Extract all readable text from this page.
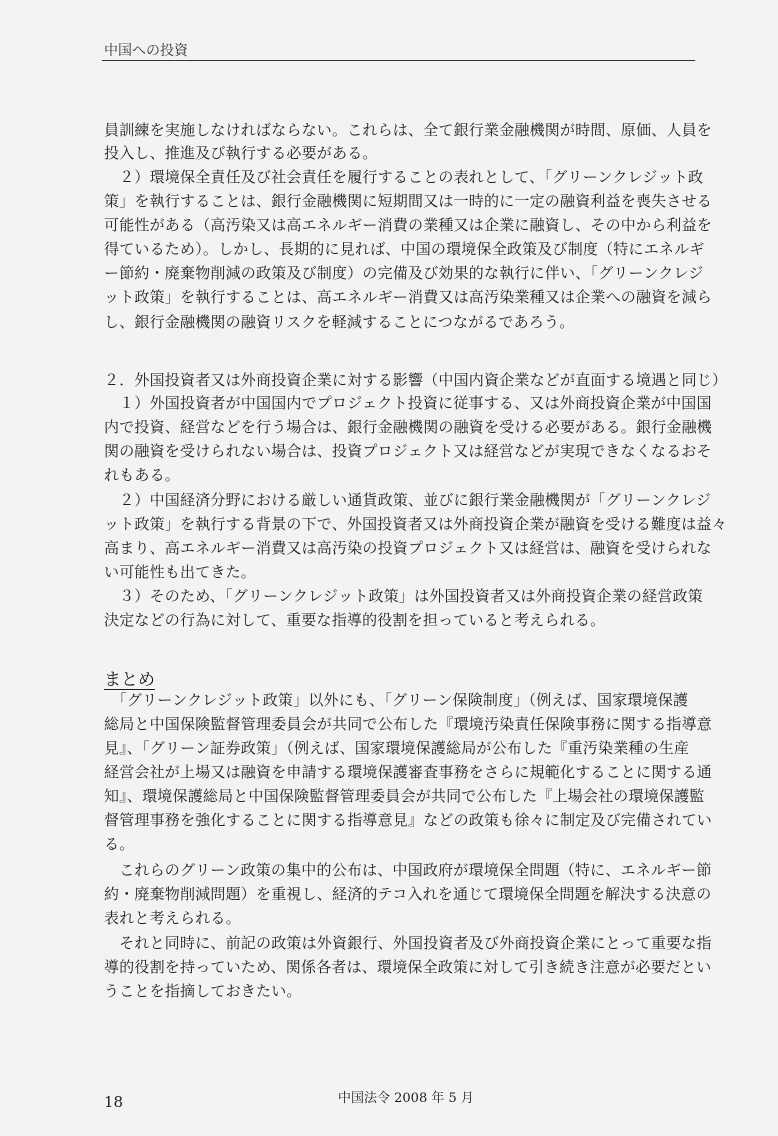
中国への投資
員訓練を実施しなければならない。これらは、全て銀行業金融機関が時間、原価、人員を
投入し、推進及び執行する必要がある。
　２）環境保全責任及び社会責任を履行することの表れとして、「グリーンクレジット政
策」を執行することは、銀行金融機関に短期間又は一時的に一定の融資利益を喪失させる
可能性がある（高汚染又は高エネルギー消費の業種又は企業に融資し、その中から利益を
得ているため）。しかし、長期的に見れば、中国の環境保全政策及び制度（特にエネルギ
ー節約・廃棄物削減の政策及び制度）の完備及び効果的な執行に伴い、「グリーンクレジ
ット政策」を執行することは、高エネルギー消費又は高汚染業種又は企業への融資を減ら
し、銀行金融機関の融資リスクを軽減することにつながるであろう。
２．外国投資者又は外商投資企業に対する影響（中国内資企業などが直面する境遇と同じ）
　１）外国投資者が中国国内でプロジェクト投資に従事する、又は外商投資企業が中国国
内で投資、経営などを行う場合は、銀行金融機関の融資を受ける必要がある。銀行金融機
関の融資を受けられない場合は、投資プロジェクト又は経営などが実現できなくなるおそ
れもある。
　２）中国経済分野における厳しい通貨政策、並びに銀行業金融機関が「グリーンクレジ
ット政策」を執行する背景の下で、外国投資者又は外商投資企業が融資を受ける難度は益々
高まり、高エネルギー消費又は高汚染の投資プロジェクト又は経営は、融資を受けられな
い可能性も出てきた。
　３）そのため、「グリーンクレジット政策」は外国投資者又は外商投資企業の経営政策
決定などの行為に対して、重要な指導的役割を担っていると考えられる。
まとめ
　「グリーンクレジット政策」以外にも、「グリーン保険制度」（例えば、国家環境保護
総局と中国保険監督管理委員会が共同で公布した『環境汚染責任保険事務に関する指導意
見』、「グリーン証券政策」（例えば、国家環境保護総局が公布した『重汚染業種の生産
経営会社が上場又は融資を申請する環境保護審査事務をさらに規範化することに関する通
知』、環境保護総局と中国保険監督管理委員会が共同で公布した『上場会社の環境保護監
督管理事務を強化することに関する指導意見』などの政策も徐々に制定及び完備されてい
る。
　これらのグリーン政策の集中的公布は、中国政府が環境保全問題（特に、エネルギー節
約・廃棄物削減問題）を重視し、経済的テコ入れを通じて環境保全問題を解決する決意の
表れと考えられる。
　それと同時に、前記の政策は外資銀行、外国投資者及び外商投資企業にとって重要な指
導的役割を持っていため、関係各者は、環境保全政策に対して引き続き注意が必要だとい
うことを指摘しておきたい。
18	中国法令 2008 年 5 月
